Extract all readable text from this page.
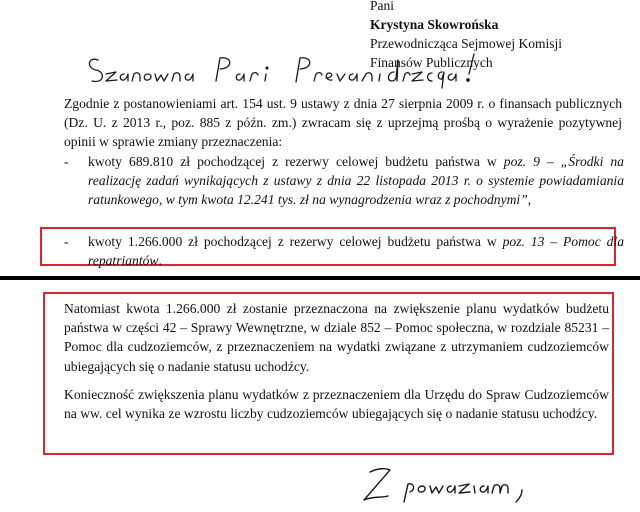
Pani
Krystyna Skowrońska
Przewodnicząca Sejmowej Komisji
Finansów Publicznych

Zgodnie z postanowieniami art. 154 ust. 9 ustawy z dnia 27 sierpnia 2009 r. o finansach publicznych (Dz. U. z 2013 r., poz. 885 z późn. zm.) zwracam się z uprzejmą prośbą o wyrażenie pozytywnej opinii w sprawie zmiany przeznaczenia:

- kwoty 689.810 zł pochodzącej z rezerwy celowej budżetu państwa w poz. 9 – „Środki na realizację zadań wynikających z ustawy z dnia 22 listopada 2013 r. o systemie powiadamiania ratunkowego, w tym kwota 12.241 tys. zł na wynagrodzenia wraz z pochodnymi”,
- kwoty 1.266.000 zł pochodzącej z rezerwy celowej budżetu państwa w poz. 13 – Pomoc dla repatriantów.

Natomiast kwota 1.266.000 zł zostanie przeznaczona na zwiększenie planu wydatków budżetu państwa w części 42 – Sprawy Wewnętrzne, w dziale 852 – Pomoc społeczna, w rozdziale 85231 – Pomoc dla cudzoziemców, z przeznaczeniem na wydatki związane z utrzymaniem cudzoziemców ubiegających się o nadanie statusu uchodźcy.

Konieczność zwiększenia planu wydatków z przeznaczeniem dla Urzędu do Spraw Cudzoziemców na ww. cel wynika ze wzrostu liczby cudzoziemców ubiegających się o nadanie statusu uchodźcy.
